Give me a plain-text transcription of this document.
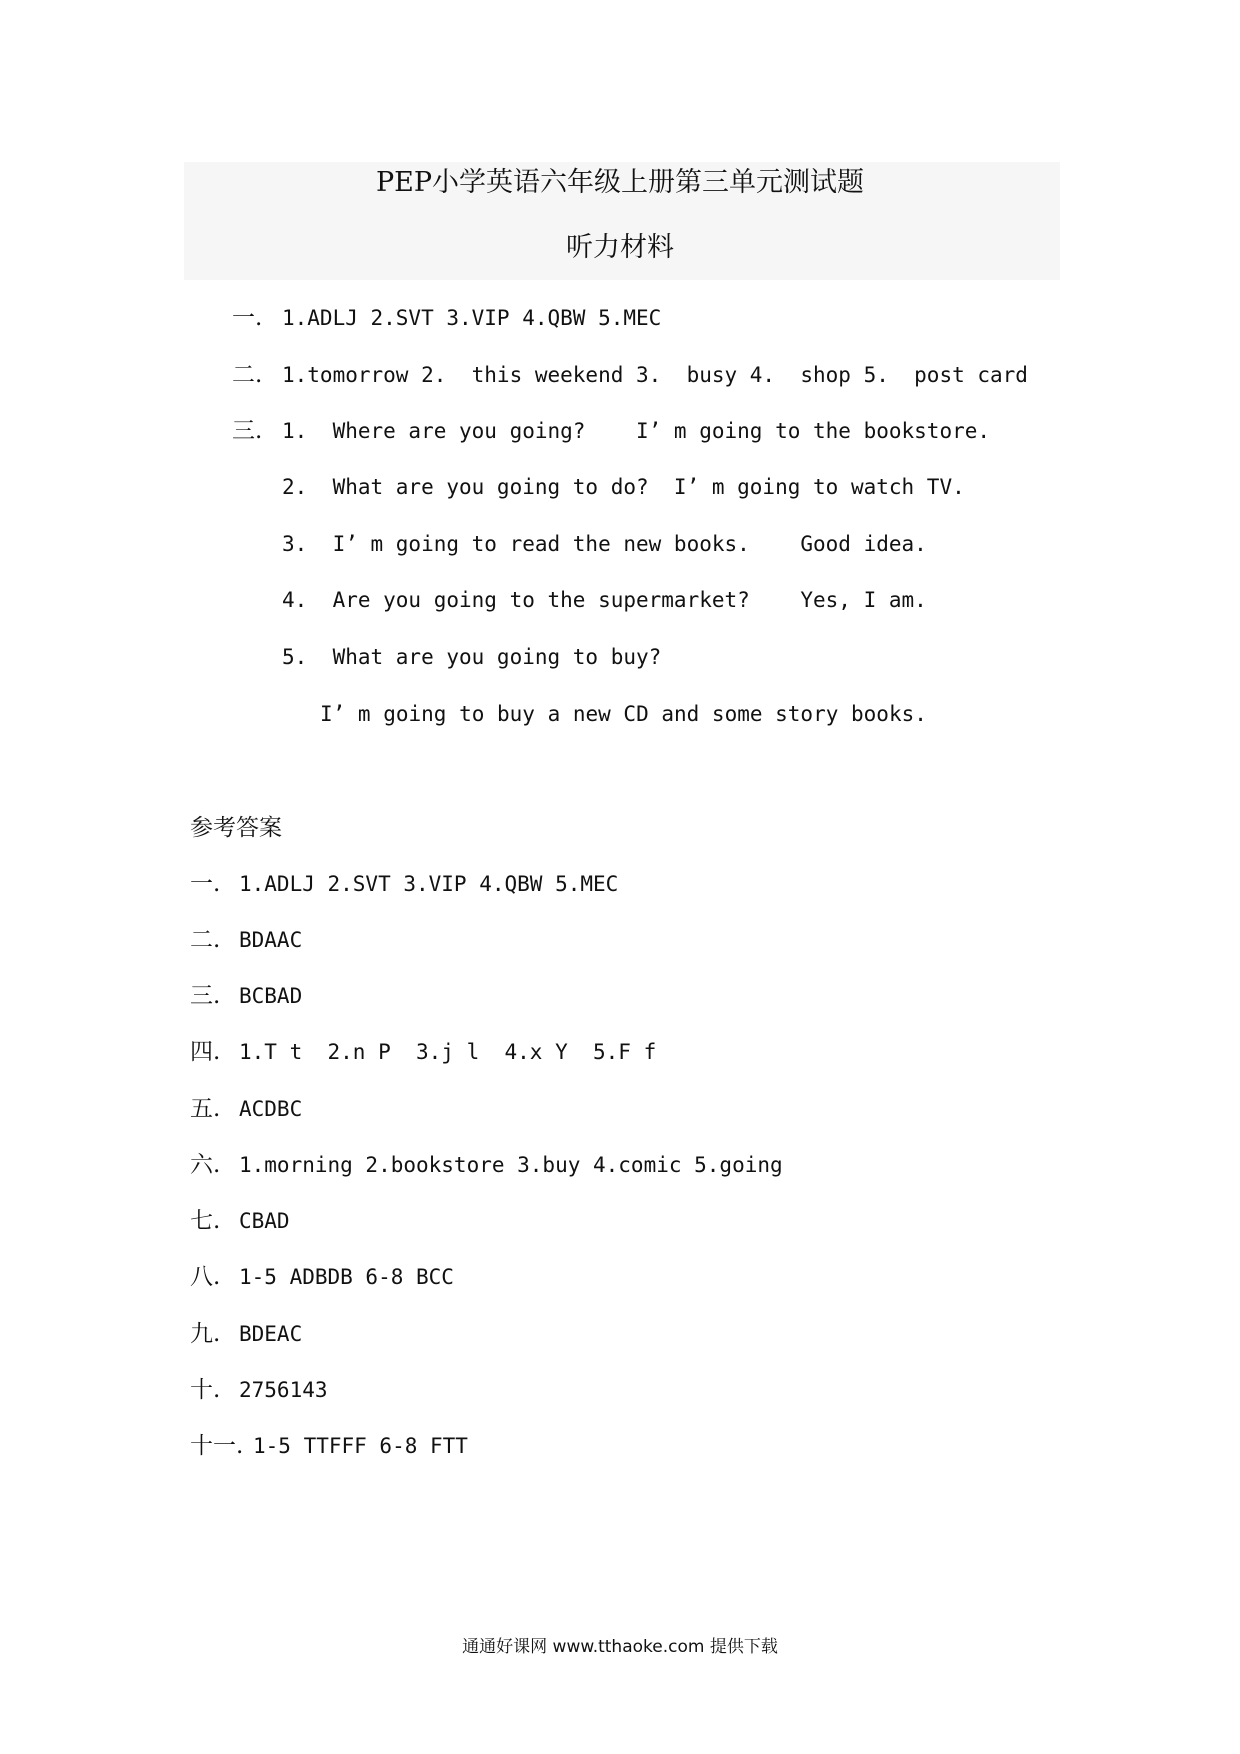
PEP小学英语六年级上册第三单元测试题
听力材料
一. 1.ADLJ 2.SVT 3.VIP 4.QBW 5.MEC
二. 1.tomorrow 2.  this weekend 3.  busy 4.  shop 5.  post card
三. 1.  Where are you going?    I’ m going to the bookstore.
2.  What are you going to do?  I’ m going to watch TV.
3.  I’ m going to read the new books.    Good idea.
4.  Are you going to the supermarket?    Yes, I am.
5.  What are you going to buy?
I’ m going to buy a new CD and some story books.
参考答案
一. 1.ADLJ 2.SVT 3.VIP 4.QBW 5.MEC
二. BDAAC
三. BCBAD
四. 1.T t  2.n P  3.j l  4.x Y  5.F f
五. ACDBC
六. 1.morning 2.bookstore 3.buy 4.comic 5.going
七. CBAD
八. 1-5 ADBDB 6-8 BCC
九. BDEAC
十. 2756143
十一. 1-5 TTFFF 6-8 FTT
通通好课网 www.tthaoke.com 提供下载
